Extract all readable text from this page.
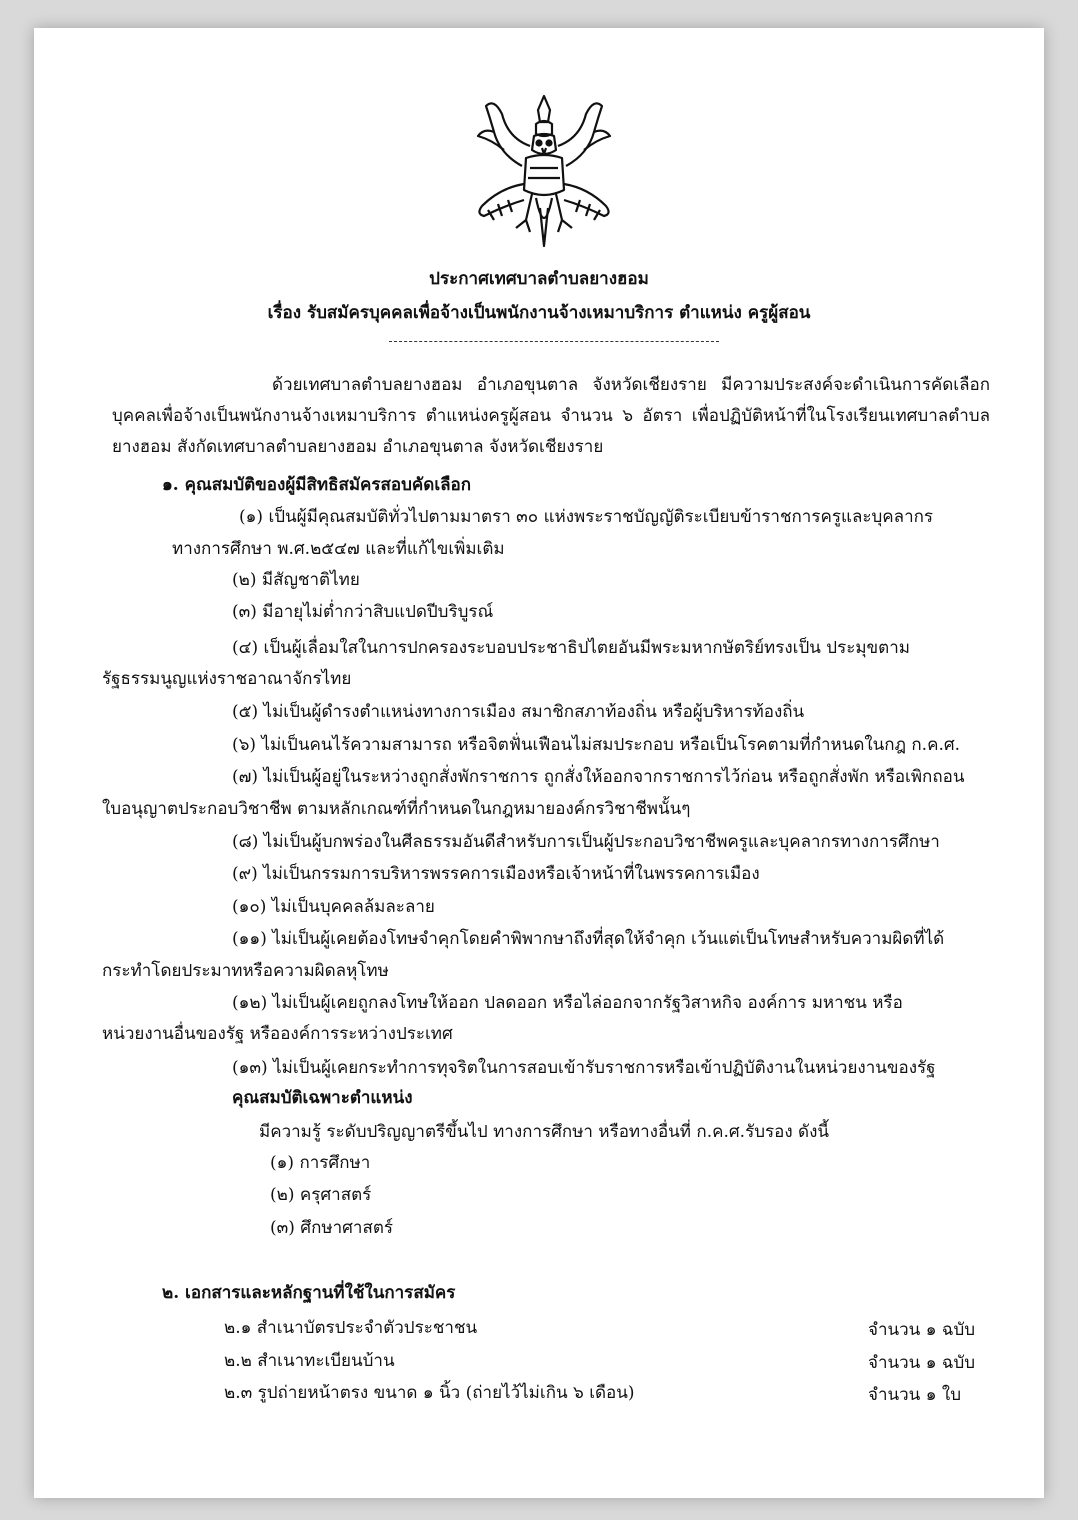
ประกาศเทศบาลตำบลยางฮอม
เรื่อง รับสมัครบุคคลเพื่อจ้างเป็นพนักงานจ้างเหมาบริการ ตำแหน่ง ครูผู้สอน
ด้วยเทศบาลตำบลยางฮอม อำเภอขุนตาล จังหวัดเชียงราย มีความประสงค์จะดำเนินการคัดเลือกบุคคลเพื่อจ้างเป็นพนักงานจ้างเหมาบริการ ตำแหน่งครูผู้สอน จำนวน ๖ อัตรา เพื่อปฏิบัติหน้าที่ในโรงเรียนเทศบาลตำบลยางฮอม สังกัดเทศบาลตำบลยางฮอม อำเภอขุนตาล จังหวัดเชียงราย
๑. คุณสมบัติของผู้มีสิทธิสมัครสอบคัดเลือก
(๑) เป็นผู้มีคุณสมบัติทั่วไปตามมาตรา ๓๐ แห่งพระราชบัญญัติระเบียบข้าราชการครูและบุคลากร
ทางการศึกษา พ.ศ.๒๕๔๗ และที่แก้ไขเพิ่มเติม
(๒) มีสัญชาติไทย
(๓) มีอายุไม่ต่ำกว่าสิบแปดปีบริบูรณ์
(๔) เป็นผู้เลื่อมใสในการปกครองระบอบประชาธิปไตยอันมีพระมหากษัตริย์ทรงเป็น ประมุขตาม
รัฐธรรมนูญแห่งราชอาณาจักรไทย
(๕) ไม่เป็นผู้ดำรงตำแหน่งทางการเมือง สมาชิกสภาท้องถิ่น หรือผู้บริหารท้องถิ่น
(๖) ไม่เป็นคนไร้ความสามารถ หรือจิตฟั่นเฟือนไม่สมประกอบ หรือเป็นโรคตามที่กำหนดในกฎ ก.ค.ศ.
(๗) ไม่เป็นผู้อยู่ในระหว่างถูกสั่งพักราชการ ถูกสั่งให้ออกจากราชการไว้ก่อน หรือถูกสั่งพัก หรือเพิกถอน
ใบอนุญาตประกอบวิชาชีพ ตามหลักเกณฑ์ที่กำหนดในกฎหมายองค์กรวิชาชีพนั้นๆ
(๘) ไม่เป็นผู้บกพร่องในศีลธรรมอันดีสำหรับการเป็นผู้ประกอบวิชาชีพครูและบุคลากรทางการศึกษา
(๙) ไม่เป็นกรรมการบริหารพรรคการเมืองหรือเจ้าหน้าที่ในพรรคการเมือง
(๑๐) ไม่เป็นบุคคลล้มละลาย
(๑๑) ไม่เป็นผู้เคยต้องโทษจำคุกโดยคำพิพากษาถึงที่สุดให้จำคุก เว้นแต่เป็นโทษสำหรับความผิดที่ได้
กระทำโดยประมาทหรือความผิดลหุโทษ
(๑๒) ไม่เป็นผู้เคยถูกลงโทษให้ออก ปลดออก หรือไล่ออกจากรัฐวิสาหกิจ องค์การ มหาชน หรือ
หน่วยงานอื่นของรัฐ หรือองค์การระหว่างประเทศ
(๑๓) ไม่เป็นผู้เคยกระทำการทุจริตในการสอบเข้ารับราชการหรือเข้าปฏิบัติงานในหน่วยงานของรัฐ
คุณสมบัติเฉพาะตำแหน่ง
มีความรู้ ระดับปริญญาตรีขึ้นไป ทางการศึกษา หรือทางอื่นที่ ก.ค.ศ.รับรอง ดังนี้
(๑) การศึกษา
(๒) ครุศาสตร์
(๓) ศึกษาศาสตร์
๒. เอกสารและหลักฐานที่ใช้ในการสมัคร
๒.๑ สำเนาบัตรประจำตัวประชาชน	จำนวน ๑ ฉบับ
๒.๒ สำเนาทะเบียนบ้าน	จำนวน ๑ ฉบับ
๒.๓ รูปถ่ายหน้าตรง ขนาด ๑ นิ้ว (ถ่ายไว้ไม่เกิน ๖ เดือน)	จำนวน ๑ ใบ
